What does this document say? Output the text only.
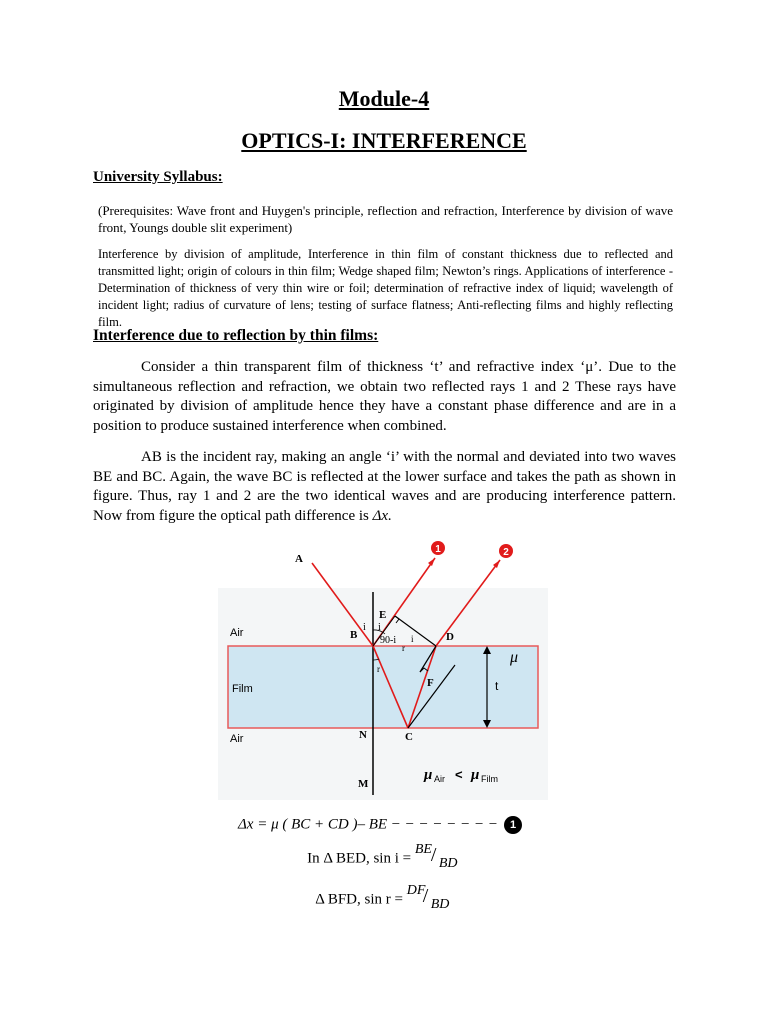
Module-4

OPTICS-I: INTERFERENCE

University Syllabus:

(Prerequisites: Wave front and Huygen's principle, reflection and refraction, Interference by division of wave front, Youngs double slit experiment)

Interference by division of amplitude, Interference in thin film of constant thickness due to reflected and transmitted light; origin of colours in thin film; Wedge shaped film; Newton’s rings. Applications of interference - Determination of thickness of very thin wire or foil; determination of refractive index of liquid; wavelength of incident light; radius of curvature of lens; testing of surface flatness; Anti-reflecting films and highly reflecting film.

Interference due to reflection by thin films:

Consider a thin transparent film of thickness ‘t’ and refractive index ‘μ’. Due to the simultaneous reflection and refraction, we obtain two reflected rays 1 and 2 These rays have originated by division of amplitude hence they have a constant phase difference and are in a position to produce sustained interference when combined.

AB is the incident ray, making an angle ‘i’ with the normal and deviated into two waves BE and BC. Again, the wave BC is reflected at the lower surface and takes the path as shown in figure. Thus, ray 1 and 2 are the two identical waves and are producing interference pattern. Now from figure the optical path difference is Δx.

1	2
A
B
E
D
F
N	C
M
i i
90-i i
r
r
Air
Film
Air
μ
t
μ Air < μ Film

Δx = μ ( BC + CD )– BE − − − − − − − − 1

In Δ BED, sin i =
BE
/ BD

Δ BFD, sin r =
DF
/ BD
